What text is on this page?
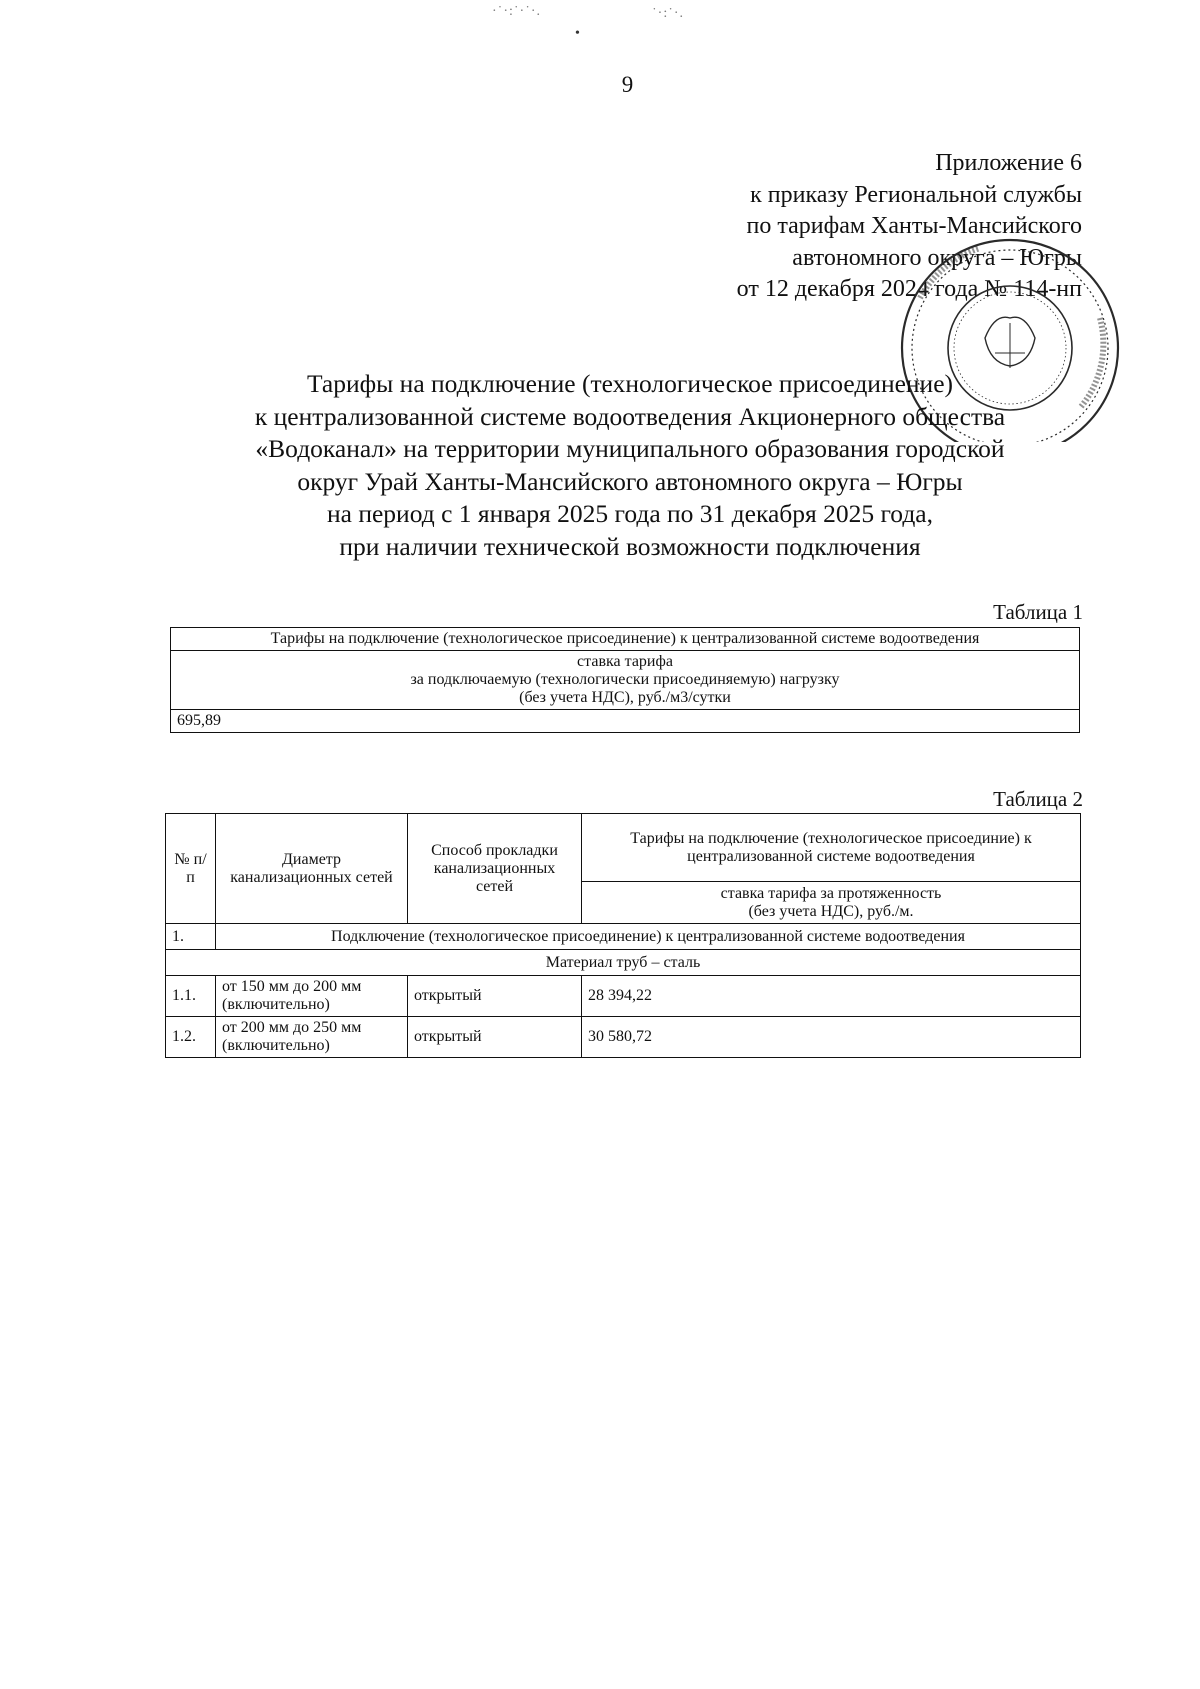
·˙·:˙·˙·.	˙·:˙·.
•
9
Приложение 6
к приказу Региональной службы
по тарифам Ханты-Мансийского
автономного округа – Югры
от 12 декабря 2024 года № 114-нп
Тарифы на подключение (технологическое присоединение)
к централизованной системе водоотведения Акционерного общества
«Водоканал» на территории муниципального образования городской
округ Урай Ханты-Мансийского автономного округа – Югры
на период с 1 января 2025 года по 31 декабря 2025 года,
при наличии технической возможности подключения
Таблица 1
Тарифы на подключение (технологическое присоединение) к централизованной системе водоотведения

ставка тарифа
за подключаемую (технологически присоединяемую) нагрузку
(без учета НДС), руб./м3/сутки

695,89
Таблица 2
№ п/п	Диаметр канализационных сетей	Способ прокладки канализационных сетей	Тарифы на подключение (технологическое присоединие) к централизованной системе водоотведения

			ставка тарифа за протяженность
(без учета НДС), руб./м.

1.	Подключение (технологическое присоединение) к централизованной системе водоотведения		
Материал труб – сталь			
1.1.	от 150 мм до 200 мм (включительно)	открытый	28 394,22
1.2.	от 200 мм до 250 мм (включительно)	открытый	30 580,72
